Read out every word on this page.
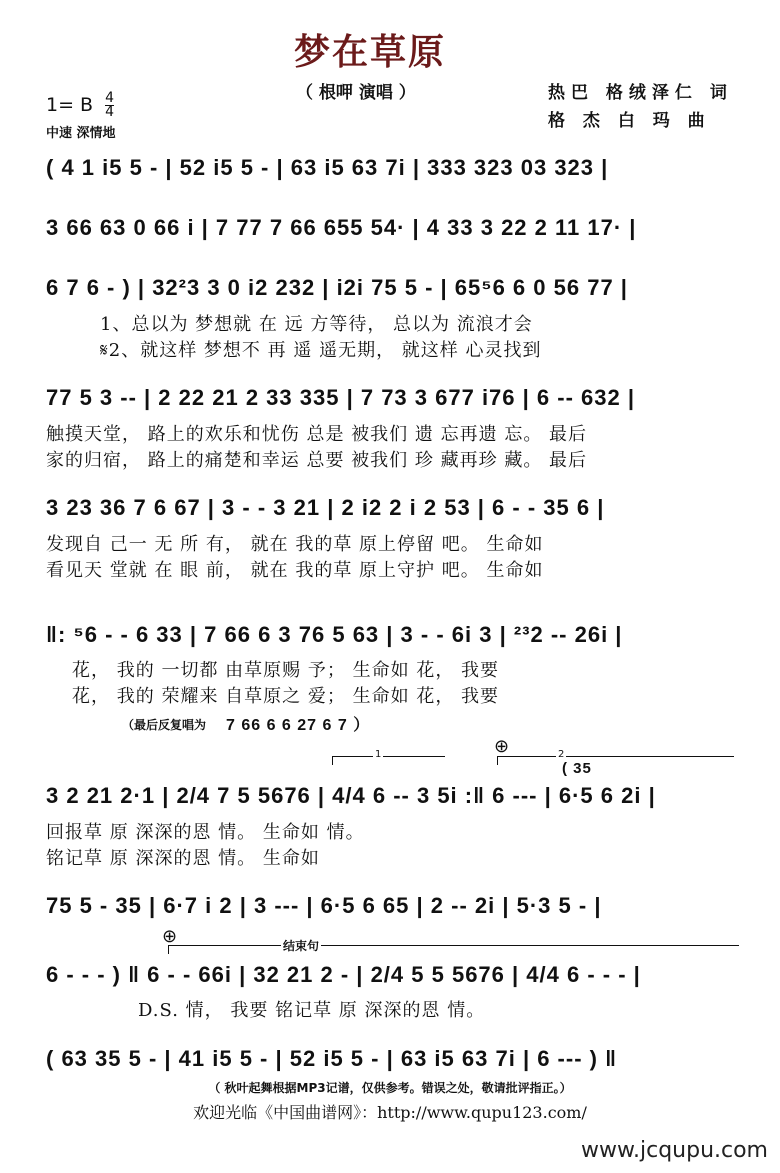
梦在草原
（ 根呷 演唱 ）	热巴 格绒泽仁 词
格 杰 白 玛 曲
1= B $\frac{4}{4}$
中速 深情地
( 4 1 i5 5 - | 52 i5 5 - | 63 i5 63 7i | 333 323 03 323 |
3 66 63 0 66 i | 7 77 7 66 655 54· | 4 33 3 22 2 11 17· |
6 7 6 - ) | 32²3 3 0 i2 232 | i2i 75 5 - | 65⁵6 6 0 56 77 |
1、总以为 梦想就 在 远 方等待， 总以为 流浪才会
𝄋2、就这样 梦想不 再 遥 遥无期， 就这样 心灵找到
77 5 3 -- | 2 22 21 2 33 335 | 7 73 3 677 i76 | 6 -- 632 |
触摸天堂， 路上的欢乐和忧伤 总是 被我们 遗 忘再遗 忘。 最后
家的归宿， 路上的痛楚和幸运 总要 被我们 珍 藏再珍 藏。 最后
3 23 36 7 6 67 | 3 - - 3 21 | 2 i2 2 i 2 53 | 6 - - 35 6 |
发现自 己一 无 所 有， 就在 我的草 原上停留 吧。 生命如
看见天 堂就 在 眼 前， 就在 我的草 原上守护 吧。 生命如
‖: ⁵6 - - 6 33 | 7 66 6 3 76 5 63 | 3 - - 6i 3 | ²³2 -- 26i |
花， 我的 一切都 由草原赐 予； 生命如 花， 我要
花， 我的 荣耀来 自草原之 爱； 生命如 花， 我要
（最后反复唱为 7 66 6 6 27 6 7 ）
1	⊕	2
( 35
3 2 21 2·1 | 2/4 7 5 5676 | 4/4 6 -- 3 5i :‖ 6 --- | 6·5 6 2i |
回报草 原 深深的恩 情。 生命如 情。
铭记草 原 深深的恩 情。 生命如
75 5 - 35 | 6·7 i 2 | 3 --- | 6·5 6 65 | 2 -- 2i | 5·3 5 - |
⊕	结束句
6 - - - ) ‖ 6 - - 66i | 32 21 2 - | 2/4 5 5 5676 | 4/4 6 - - - |
D.S. 情， 我要 铭记草 原 深深的恩 情。
( 63 35 5 - | 41 i5 5 - | 52 i5 5 - | 63 i5 63 7i | 6 --- ) ‖
（ 秋叶起舞根据MP3记谱，仅供参考。错误之处，敬请批评指正。）
欢迎光临《中国曲谱网》：http://www.qupu123.com/
www.jcqupu.com
